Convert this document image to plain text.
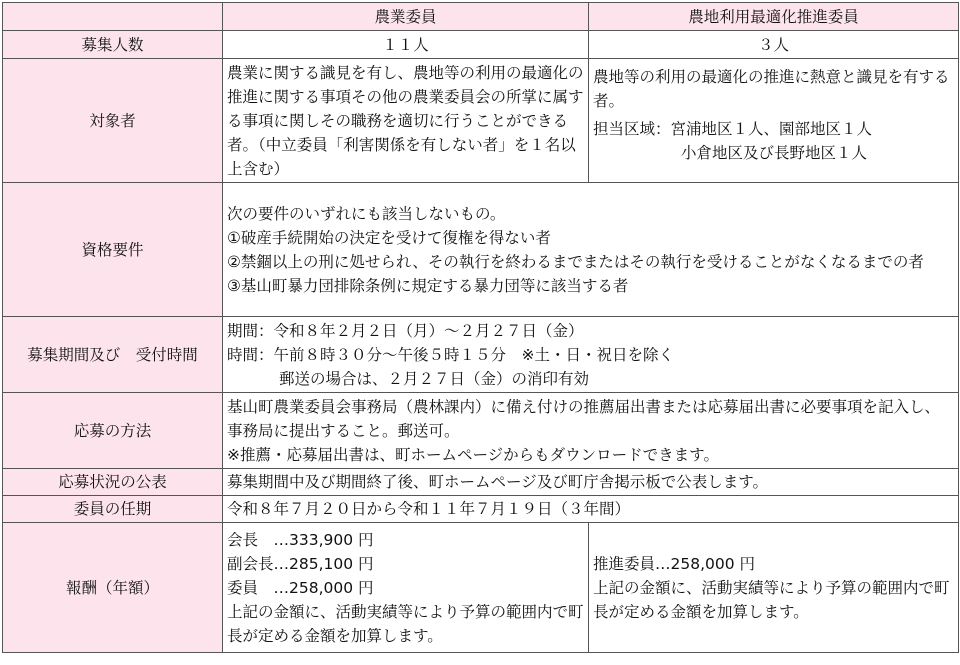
	農業委員	農地利用最適化推進委員
募集人数	１１人	３人
対象者	農業に関する識見を有し、農地等の利用の最適化の推進に関する事項その他の農業委員会の所掌に属する事項に関しその職務を適切に行うことができる者。（中立委員「利害関係を有しない者」を１名以上含む）	農地等の利用の最適化の推進に熱意と識見を有する者。
担当区域：宮浦地区１人、園部地区１人
小倉地区及び長野地区１人

資格要件	次の要件のいずれにも該当しないもの。
①破産手続開始の決定を受けて復権を得ない者
②禁錮以上の刑に処せられ、その執行を終わるまでまたはその執行を受けることがなくなるまでの者
③基山町暴力団排除条例に規定する暴力団等に該当する者	

募集期間及び　受付時間	期間：令和８年２月２日（月）～２月２７日（金）
時間：午前８時３０分～午後５時１５分　※土・日・祝日を除く
郵送の場合は、２月２７日（金）の消印有効	

応募の方法	基山町農業委員会事務局（農林課内）に備え付けの推薦届出書または応募届出書に必要事項を記入し、事務局に提出すること。郵送可。
※推薦・応募届出書は、町ホームページからもダウンロードできます。	

応募状況の公表	募集期間中及び期間終了後、町ホームページ及び町庁舎掲示板で公表します。	
委員の任期	令和８年７月２０日から令和１１年７月１９日（３年間）	
報酬（年額）	会長　…333,900 円
副会長…285,100 円
委員　…258,000 円
上記の金額に、活動実績等により予算の範囲内で町長が定める金額を加算します。	推進委員…258,000 円
上記の金額に、活動実績等により予算の範囲内で町長が定める金額を加算します。
